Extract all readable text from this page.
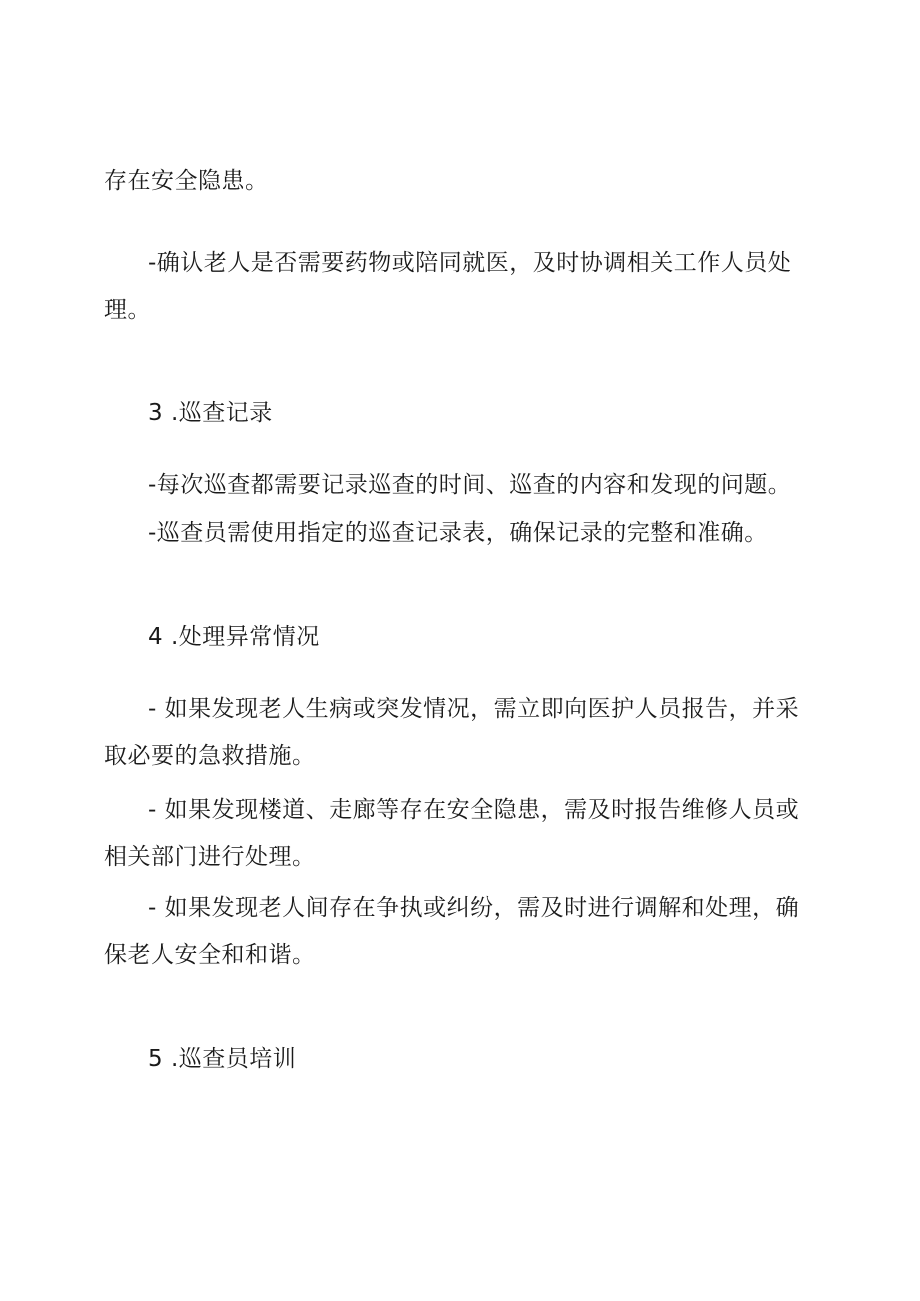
存在安全隐患。
-确认老人是否需要药物或陪同就医，及时协调相关工作人员处
理。
3 .巡查记录
-每次巡查都需要记录巡查的时间、巡查的内容和发现的问题。
-巡查员需使用指定的巡查记录表，确保记录的完整和准确。
4 .处理异常情况
- 如果发现老人生病或突发情况，需立即向医护人员报告，并采
取必要的急救措施。
- 如果发现楼道、走廊等存在安全隐患，需及时报告维修人员或
相关部门进行处理。
- 如果发现老人间存在争执或纠纷，需及时进行调解和处理，确
保老人安全和和谐。
5 .巡查员培训
